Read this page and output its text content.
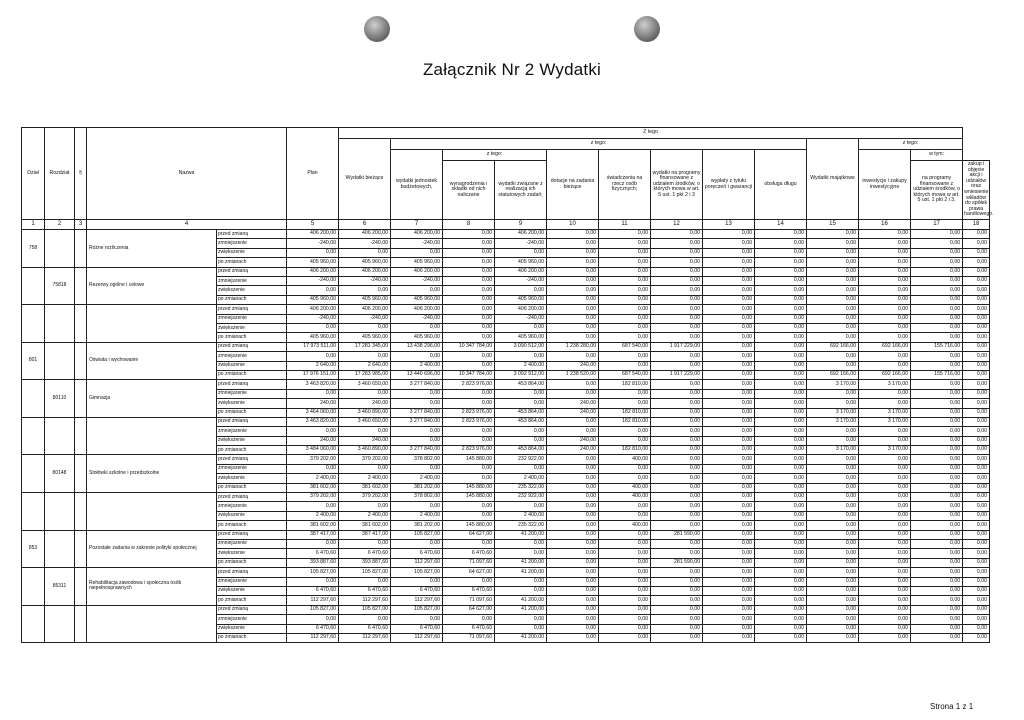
Załącznik Nr 2 Wydatki
Dział	Rozdział	§	Nazwa		Plan	Z tego												
						Wydatki bieżące	z tego:								Wydatki majątkowe	z tego:		
							wydatki jednostek budżetowych,	z tego:		dotacje na zadania bieżące	świadczenia na rzecz osób fizycznych;	wydatki na programy finansowane z udziałem środków, o których mowa w art. 5 ust. 1 pkt 2 i 3	wypłaty z tytułu poręczeń i gwarancji	obsługa długu		inwestycje i zakupy inwestycyjne	w tym:	
								wynagrodzenia i składki od nich naliczane	wydatki związane z realizacją ich statutowych zadań;								na programy finansowane z udziałem środków, o których mowa w art. 5 ust. 1 pkt 2 i 3,	zakup i objęcie akcji i udziałów oraz wniesienie wkładów do spółek prawa handlowego.
1	2	3	4		5	6	7	8	9	10	11	12	13	14	15	16	17	18
758			Różne rozliczenia	przed zmianą	406 200,00	406 200,00	406 200,00	0,00	406 200,00	0,00	0,00	0,00	0,00	0,00	0,00	0,00	0,00	0,00
				zmniejszenie	-240,00	-240,00	-240,00	0,00	-240,00	0,00	0,00	0,00	0,00	0,00	0,00	0,00	0,00	0,00
				zwiększenie	0,00	0,00	0,00	0,00	0,00	0,00	0,00	0,00	0,00	0,00	0,00	0,00	0,00	0,00
				po zmianach	405 960,00	405 960,00	405 960,00	0,00	405 960,00	0,00	0,00	0,00	0,00	0,00	0,00	0,00	0,00	0,00
	75818		Rezerwy ogólne i celowe	przed zmianą	406 200,00	406 200,00	406 200,00	0,00	406 200,00	0,00	0,00	0,00	0,00	0,00	0,00	0,00	0,00	0,00
				zmniejszenie	-240,00	-240,00	-240,00	0,00	-240,00	0,00	0,00	0,00	0,00	0,00	0,00	0,00	0,00	0,00
				zwiększenie	0,00	0,00	0,00	0,00	0,00	0,00	0,00	0,00	0,00	0,00	0,00	0,00	0,00	0,00
				po zmianach	405 960,00	405 960,00	405 960,00	0,00	405 960,00	0,00	0,00	0,00	0,00	0,00	0,00	0,00	0,00	0,00
				przed zmianą	406 200,00	406 200,00	406 200,00	0,00	406 200,00	0,00	0,00	0,00	0,00	0,00	0,00	0,00	0,00	0,00
				zmniejszenie	-240,00	-240,00	-240,00	0,00	-240,00	0,00	0,00	0,00	0,00	0,00	0,00	0,00	0,00	0,00
				zwiększenie	0,00	0,00	0,00	0,00	0,00	0,00	0,00	0,00	0,00	0,00	0,00	0,00	0,00	0,00
				po zmianach	405 960,00	405 960,00	405 960,00	0,00	405 960,00	0,00	0,00	0,00	0,00	0,00	0,00	0,00	0,00	0,00
801			Oświata i wychowanie	przed zmianą	17 973 511,00	17 281 345,00	13 438 296,00	10 347 784,00	3 090 512,00	1 238 280,00	687 540,00	1 917 229,00	0,00	0,00	692 166,00	692 166,00	155 716,00	0,00
				zmniejszenie	0,00	0,00	0,00	0,00	0,00	0,00	0,00	0,00	0,00	0,00	0,00	0,00	0,00	0,00
				zwiększenie	2 640,00	2 640,00	2 400,00	0,00	2 400,00	240,00	0,00	0,00	0,00	0,00	0,00	0,00	0,00	0,00
				po zmianach	17 976 151,00	17 283 985,00	13 440 696,00	10 347 784,00	3 092 912,00	1 238 520,00	687 540,00	1 917 229,00	0,00	0,00	692 166,00	692 166,00	155 716,00	0,00
	80110		Gimnazja	przed zmianą	3 463 820,00	3 460 650,00	3 277 840,00	2 823 976,00	453 864,00	0,00	182 810,00	0,00	0,00	0,00	3 170,00	3 170,00	0,00	0,00
				zmniejszenie	0,00	0,00	0,00	0,00	0,00	0,00	0,00	0,00	0,00	0,00	0,00	0,00	0,00	0,00
				zwiększenie	240,00	240,00	0,00	0,00	0,00	240,00	0,00	0,00	0,00	0,00	0,00	0,00	0,00	0,00
				po zmianach	3 464 060,00	3 460 890,00	3 277 840,00	2 823 976,00	453 864,00	240,00	182 810,00	0,00	0,00	0,00	3 170,00	3 170,00	0,00	0,00
				przed zmianą	3 463 820,00	3 460 650,00	3 277 840,00	2 823 976,00	453 864,00	0,00	182 810,00	0,00	0,00	0,00	3 170,00	3 170,00	0,00	0,00
				zmniejszenie	0,00	0,00	0,00	0,00	0,00	0,00	0,00	0,00	0,00	0,00	0,00	0,00	0,00	0,00
				zwiększenie	240,00	240,00	0,00	0,00	0,00	240,00	0,00	0,00	0,00	0,00	0,00	0,00	0,00	0,00
				po zmianach	3 484 060,00	3 460 890,00	3 277 840,00	2 823 976,00	453 864,00	240,00	182 810,00	0,00	0,00	0,00	3 170,00	3 170,00	0,00	0,00
	80148		Stołówki szkolne i przedszkolne	przed zmianą	379 202,00	379 202,00	378 802,00	145 880,00	232 922,00	0,00	400,00	0,00	0,00	0,00	0,00	0,00	0,00	0,00
				zmniejszenie	0,00	0,00	0,00	0,00	0,00	0,00	0,00	0,00	0,00	0,00	0,00	0,00	0,00	0,00
				zwiększenie	2 400,00	2 400,00	2 400,00	0,00	2 400,00	0,00	0,00	0,00	0,00	0,00	0,00	0,00	0,00	0,00
				po zmianach	381 602,00	381 602,00	381 202,00	145 880,00	235 322,00	0,00	400,00	0,00	0,00	0,00	0,00	0,00	0,00	0,00
				przed zmianą	379 202,00	379 202,00	378 802,00	145 880,00	232 922,00	0,00	400,00	0,00	0,00	0,00	0,00	0,00	0,00	0,00
				zmniejszenie	0,00	0,00	0,00	0,00	0,00	0,00	0,00	0,00	0,00	0,00	0,00	0,00	0,00	0,00
				zwiększenie	2 400,00	2 400,00	2 400,00	0,00	2 400,00	0,00	0,00	0,00	0,00	0,00	0,00	0,00	0,00	0,00
				po zmianach	381 602,00	381 602,00	381 202,00	145 880,00	235 322,00	0,00	400,00	0,00	0,00	0,00	0,00	0,00	0,00	0,00
853			Pozostałe zadania w zakresie polityki społecznej	przed zmianą	387 417,00	387 417,00	105 827,00	64 627,00	41 200,00	0,00	0,00	281 590,00	0,00	0,00	0,00	0,00	0,00	0,00
				zmniejszenie	0,00	0,00	0,00	0,00	0,00	0,00	0,00	0,00	0,00	0,00	0,00	0,00	0,00	0,00
				zwiększenie	6 470,60	6 470,60	6 470,60	6 470,60	0,00	0,00	0,00	0,00	0,00	0,00	0,00	0,00	0,00	0,00
				po zmianach	393 887,60	393 887,60	112 297,60	71 097,60	41 200,00	0,00	0,00	281 590,00	0,00	0,00	0,00	0,00	0,00	0,00
	85311		Rehabilitacja zawodowa i społeczna osób niepełnosprawnych	przed zmianą	105 827,00	105 827,00	105 827,00	64 627,00	41 200,00	0,00	0,00	0,00	0,00	0,00	0,00	0,00	0,00	0,00
				zmniejszenie	0,00	0,00	0,00	0,00	0,00	0,00	0,00	0,00	0,00	0,00	0,00	0,00	0,00	0,00
				zwiększenie	6 470,60	6 470,60	6 470,60	6 470,60	0,00	0,00	0,00	0,00	0,00	0,00	0,00	0,00	0,00	0,00
				po zmianach	112 297,60	112 297,60	112 297,60	71 097,60	41 200,00	0,00	0,00	0,00	0,00	0,00	0,00	0,00	0,00	0,00
				przed zmianą	105 827,00	105 827,00	105 827,00	64 627,00	41 200,00	0,00	0,00	0,00	0,00	0,00	0,00	0,00	0,00	0,00
				zmniejszenie	0,00	0,00	0,00	0,00	0,00	0,00	0,00	0,00	0,00	0,00	0,00	0,00	0,00	0,00
				zwiększenie	6 470,60	6 470,60	6 470,60	6 470,60	0,00	0,00	0,00	0,00	0,00	0,00	0,00	0,00	0,00	0,00
				po zmianach	112 297,60	112 297,60	112 297,60	71 097,60	41 200,00	0,00	0,00	0,00	0,00	0,00	0,00	0,00	0,00	0,00
Strona 1 z 1
